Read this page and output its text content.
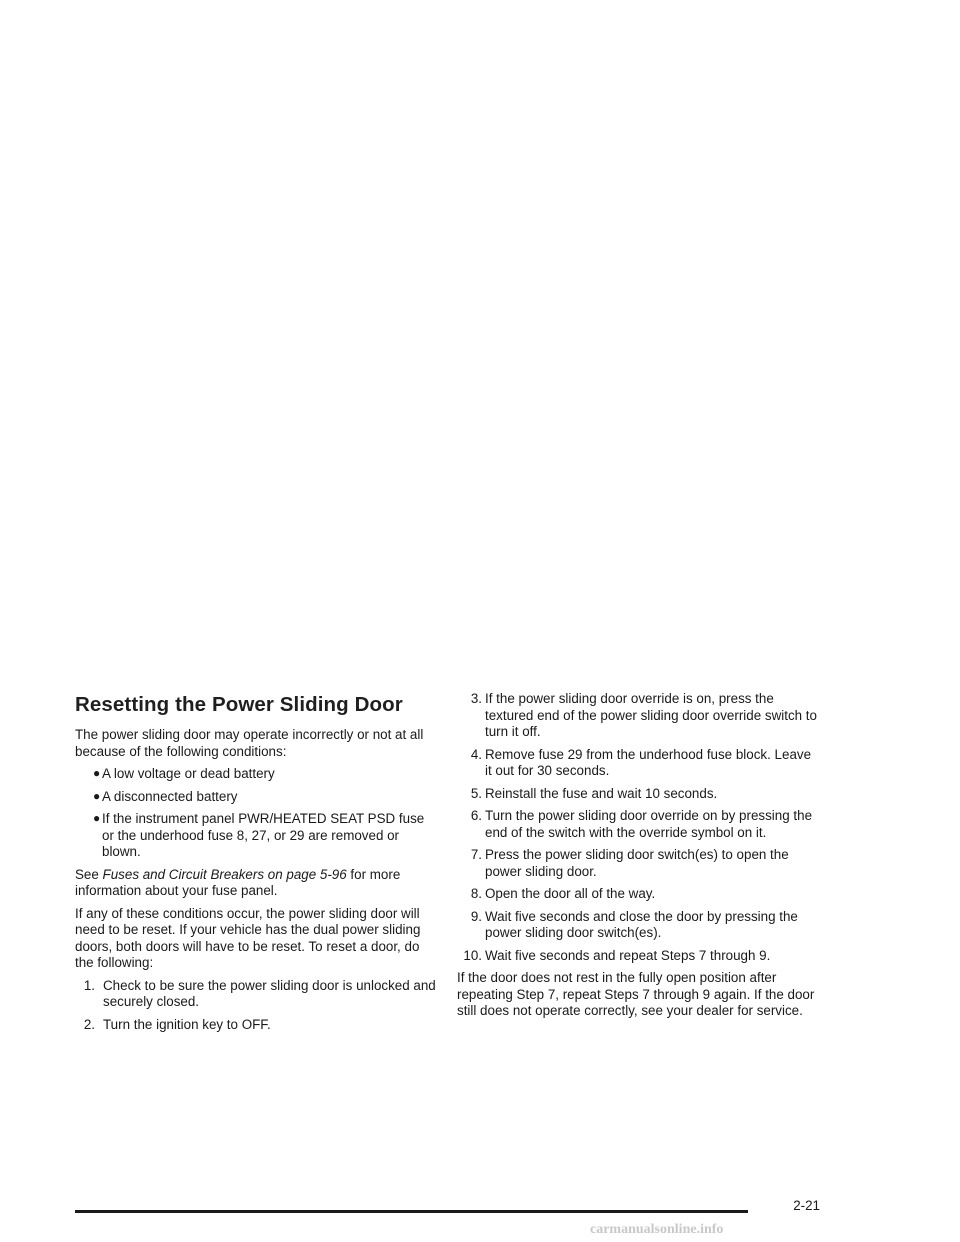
Resetting the Power Sliding Door

The power sliding door may operate incorrectly or not at all because of the following conditions:

● A low voltage or dead battery
● A disconnected battery
● If the instrument panel PWR/HEATED SEAT PSD fuse or the underhood fuse 8, 27, or 29 are removed or blown.

See Fuses and Circuit Breakers on page 5-96 for more information about your fuse panel.

If any of these conditions occur, the power sliding door will need to be reset. If your vehicle has the dual power sliding doors, both doors will have to be reset. To reset a door, do the following:

1. Check to be sure the power sliding door is unlocked and securely closed.
2. Turn the ignition key to OFF.
3. If the power sliding door override is on, press the textured end of the power sliding door override switch to turn it off.
4. Remove fuse 29 from the underhood fuse block. Leave it out for 30 seconds.
5. Reinstall the fuse and wait 10 seconds.
6. Turn the power sliding door override on by pressing the end of the switch with the override symbol on it.
7. Press the power sliding door switch(es) to open the power sliding door.
8. Open the door all of the way.
9. Wait five seconds and close the door by pressing the power sliding door switch(es).
10. Wait five seconds and repeat Steps 7 through 9.

If the door does not rest in the fully open position after repeating Step 7, repeat Steps 7 through 9 again. If the door still does not operate correctly, see your dealer for service.

2-21
carmanualsonline.info
